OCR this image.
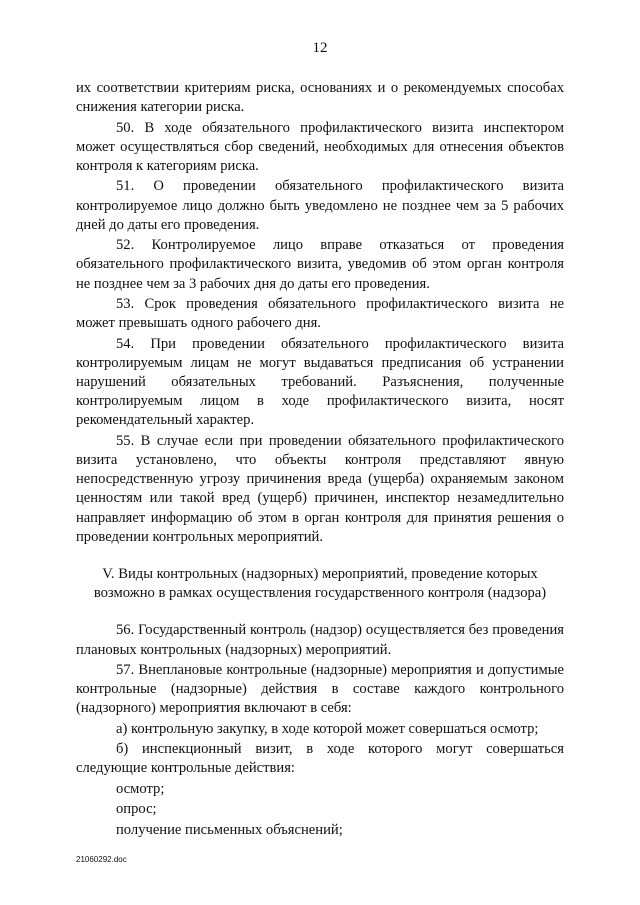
12

их соответствии критериям риска, основаниях и о рекомендуемых способах снижения категории риска.

50. В ходе обязательного профилактического визита инспектором может осуществляться сбор сведений, необходимых для отнесения объектов контроля к категориям риска.

51. О проведении обязательного профилактического визита контролируемое лицо должно быть уведомлено не позднее чем за 5 рабочих дней до даты его проведения.

52. Контролируемое лицо вправе отказаться от проведения обязательного профилактического визита, уведомив об этом орган контроля не позднее чем за 3 рабочих дня до даты его проведения.

53. Срок проведения обязательного профилактического визита не может превышать одного рабочего дня.

54. При проведении обязательного профилактического визита контролируемым лицам не могут выдаваться предписания об устранении нарушений обязательных требований. Разъяснения, полученные контролируемым лицом в ходе профилактического визита, носят рекомендательный характер.

55. В случае если при проведении обязательного профилактического визита установлено, что объекты контроля представляют явную непосредственную угрозу причинения вреда (ущерба) охраняемым законом ценностям или такой вред (ущерб) причинен, инспектор незамедлительно направляет информацию об этом в орган контроля для принятия решения о проведении контрольных мероприятий.

V. Виды контрольных (надзорных) мероприятий, проведение которых возможно в рамках осуществления государственного контроля (надзора)

56. Государственный контроль (надзор) осуществляется без проведения плановых контрольных (надзорных) мероприятий.

57. Внеплановые контрольные (надзорные) мероприятия и допустимые контрольные (надзорные) действия в составе каждого контрольного (надзорного) мероприятия включают в себя:

а) контрольную закупку, в ходе которой может совершаться осмотр;

б) инспекционный визит, в ходе которого могут совершаться следующие контрольные действия:

осмотр;

опрос;

получение письменных объяснений;

21060292.doc
